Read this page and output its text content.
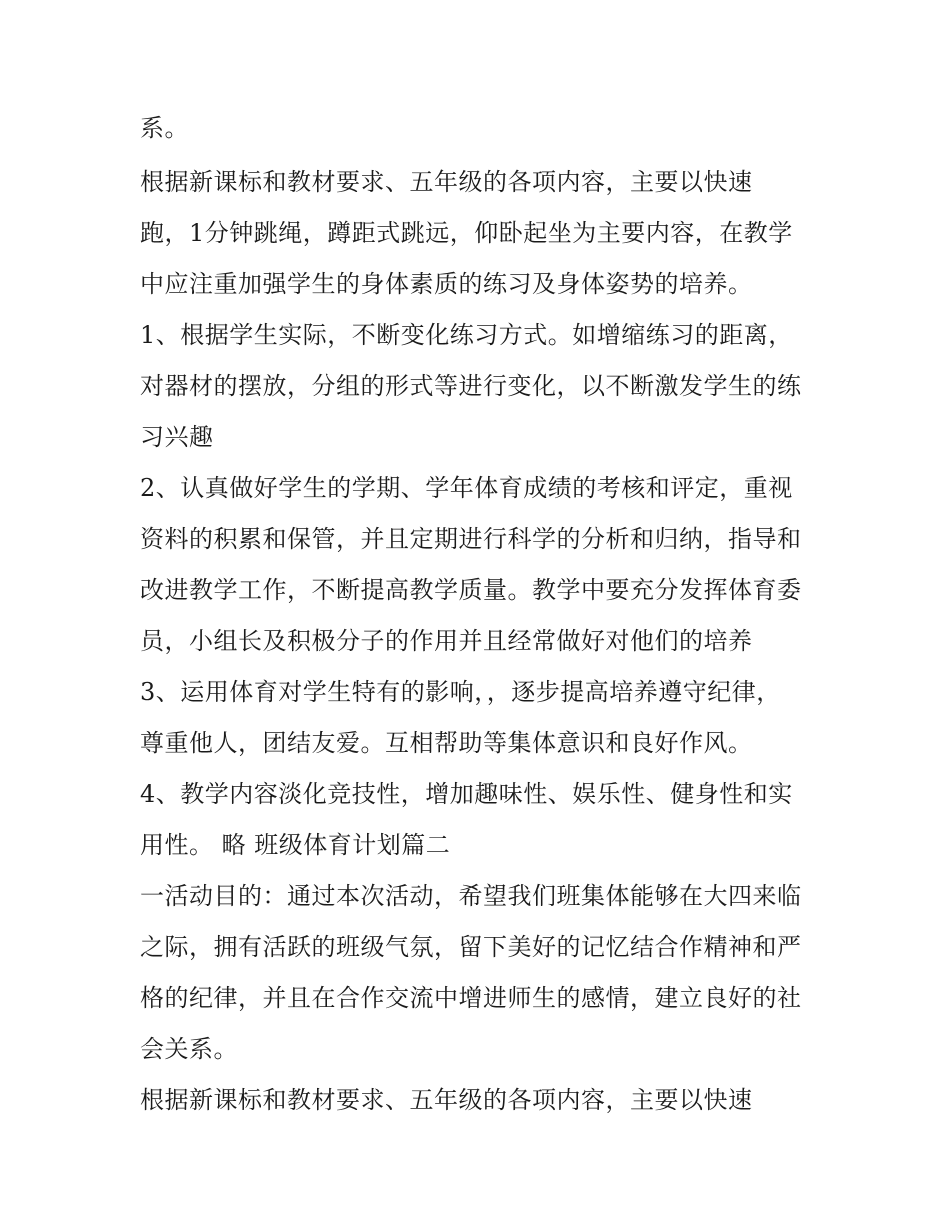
系。
根据新课标和教材要求、五年级的各项内容，主要以快速
跑，1分钟跳绳，蹲距式跳远，仰卧起坐为主要内容，在教学
中应注重加强学生的身体素质的练习及身体姿势的培养。
1、根据学生实际，不断变化练习方式。如增缩练习的距离，
对器材的摆放，分组的形式等进行变化，以不断激发学生的练
习兴趣
2、认真做好学生的学期、学年体育成绩的考核和评定，重视
资料的积累和保管，并且定期进行科学的分析和归纳，指导和
改进教学工作，不断提高教学质量。教学中要充分发挥体育委
员，小组长及积极分子的作用并且经常做好对他们的培养
3、运用体育对学生特有的影响，，逐步提高培养遵守纪律，
尊重他人，团结友爱。互相帮助等集体意识和良好作风。
4、教学内容淡化竞技性，增加趣味性、娱乐性、健身性和实
用性。 略 班级体育计划篇二
一活动目的：通过本次活动，希望我们班集体能够在大四来临
之际，拥有活跃的班级气氛，留下美好的记忆结合作精神和严
格的纪律，并且在合作交流中增进师生的感情，建立良好的社
会关系。
根据新课标和教材要求、五年级的各项内容，主要以快速
